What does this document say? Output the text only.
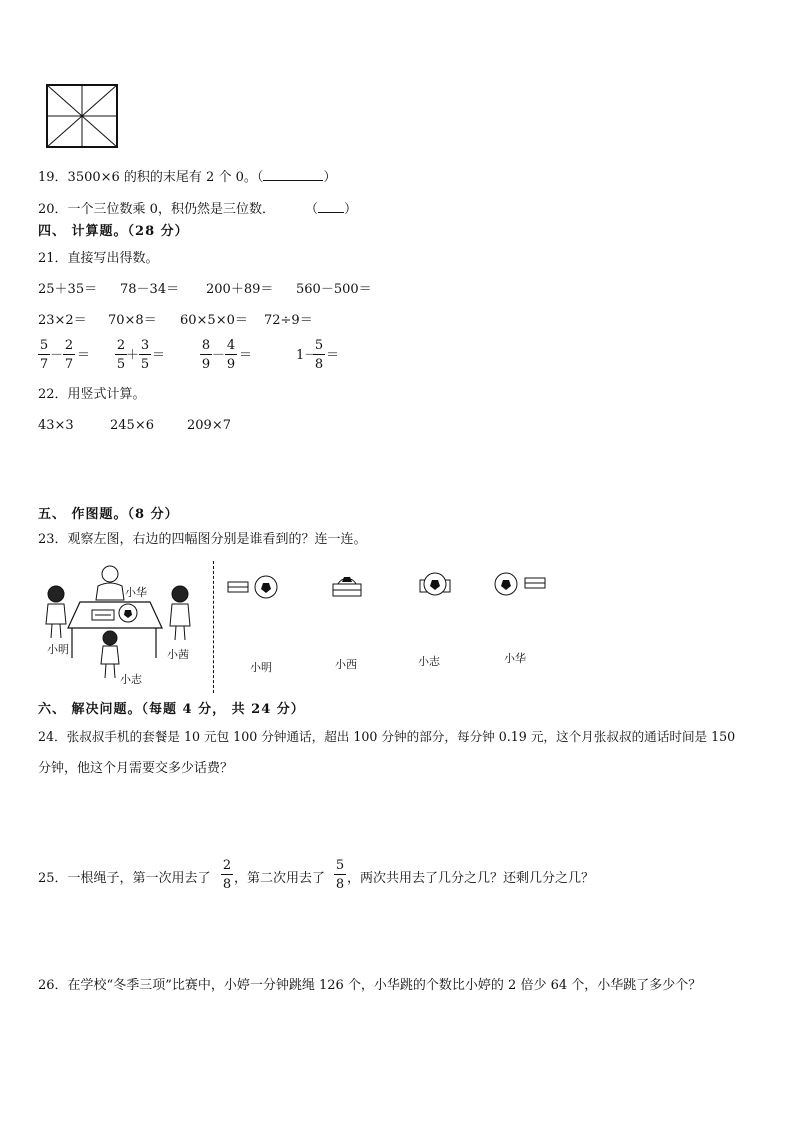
19．3500×6 的积的末尾有 2 个 0。（	）
20．一个三位数乘 0，积仍然是三位数． （ ）
四、 计算题。（28 分）
21．直接写出得数。
25＋35＝ 78－34＝ 200＋89＝ 560－500＝
23×2＝ 70×8＝ 60×5×0＝ 72÷9＝
5
7
－
2
7
＝
2
5
＋
3
5
＝
8
9
－
4
9
＝	1－
5
8
＝
22．用竖式计算。
43×3	245×6	209×7
五、 作图题。（8 分）
23．观察左图，右边的四幅图分别是谁看到的？连一连。
小华
小明	小茜
小志
小明	小西	小志	小华
六、 解决问题。（每题 4 分， 共 24 分）
24．张叔叔手机的套餐是 10 元包 100 分钟通话，超出 100 分钟的部分，每分钟 0.19 元，这个月张叔叔的通话时间是 150
分钟，他这个月需要交多少话费？
25．一根绳子，第一次用去了
2
8 ，第二次用去了
5
8 ，两次共用去了几分之几？还剩几分之几？
26．在学校“冬季三项”比赛中，小婷一分钟跳绳 126 个，小华跳的个数比小婷的 2 倍少 64 个，小华跳了多少个？
